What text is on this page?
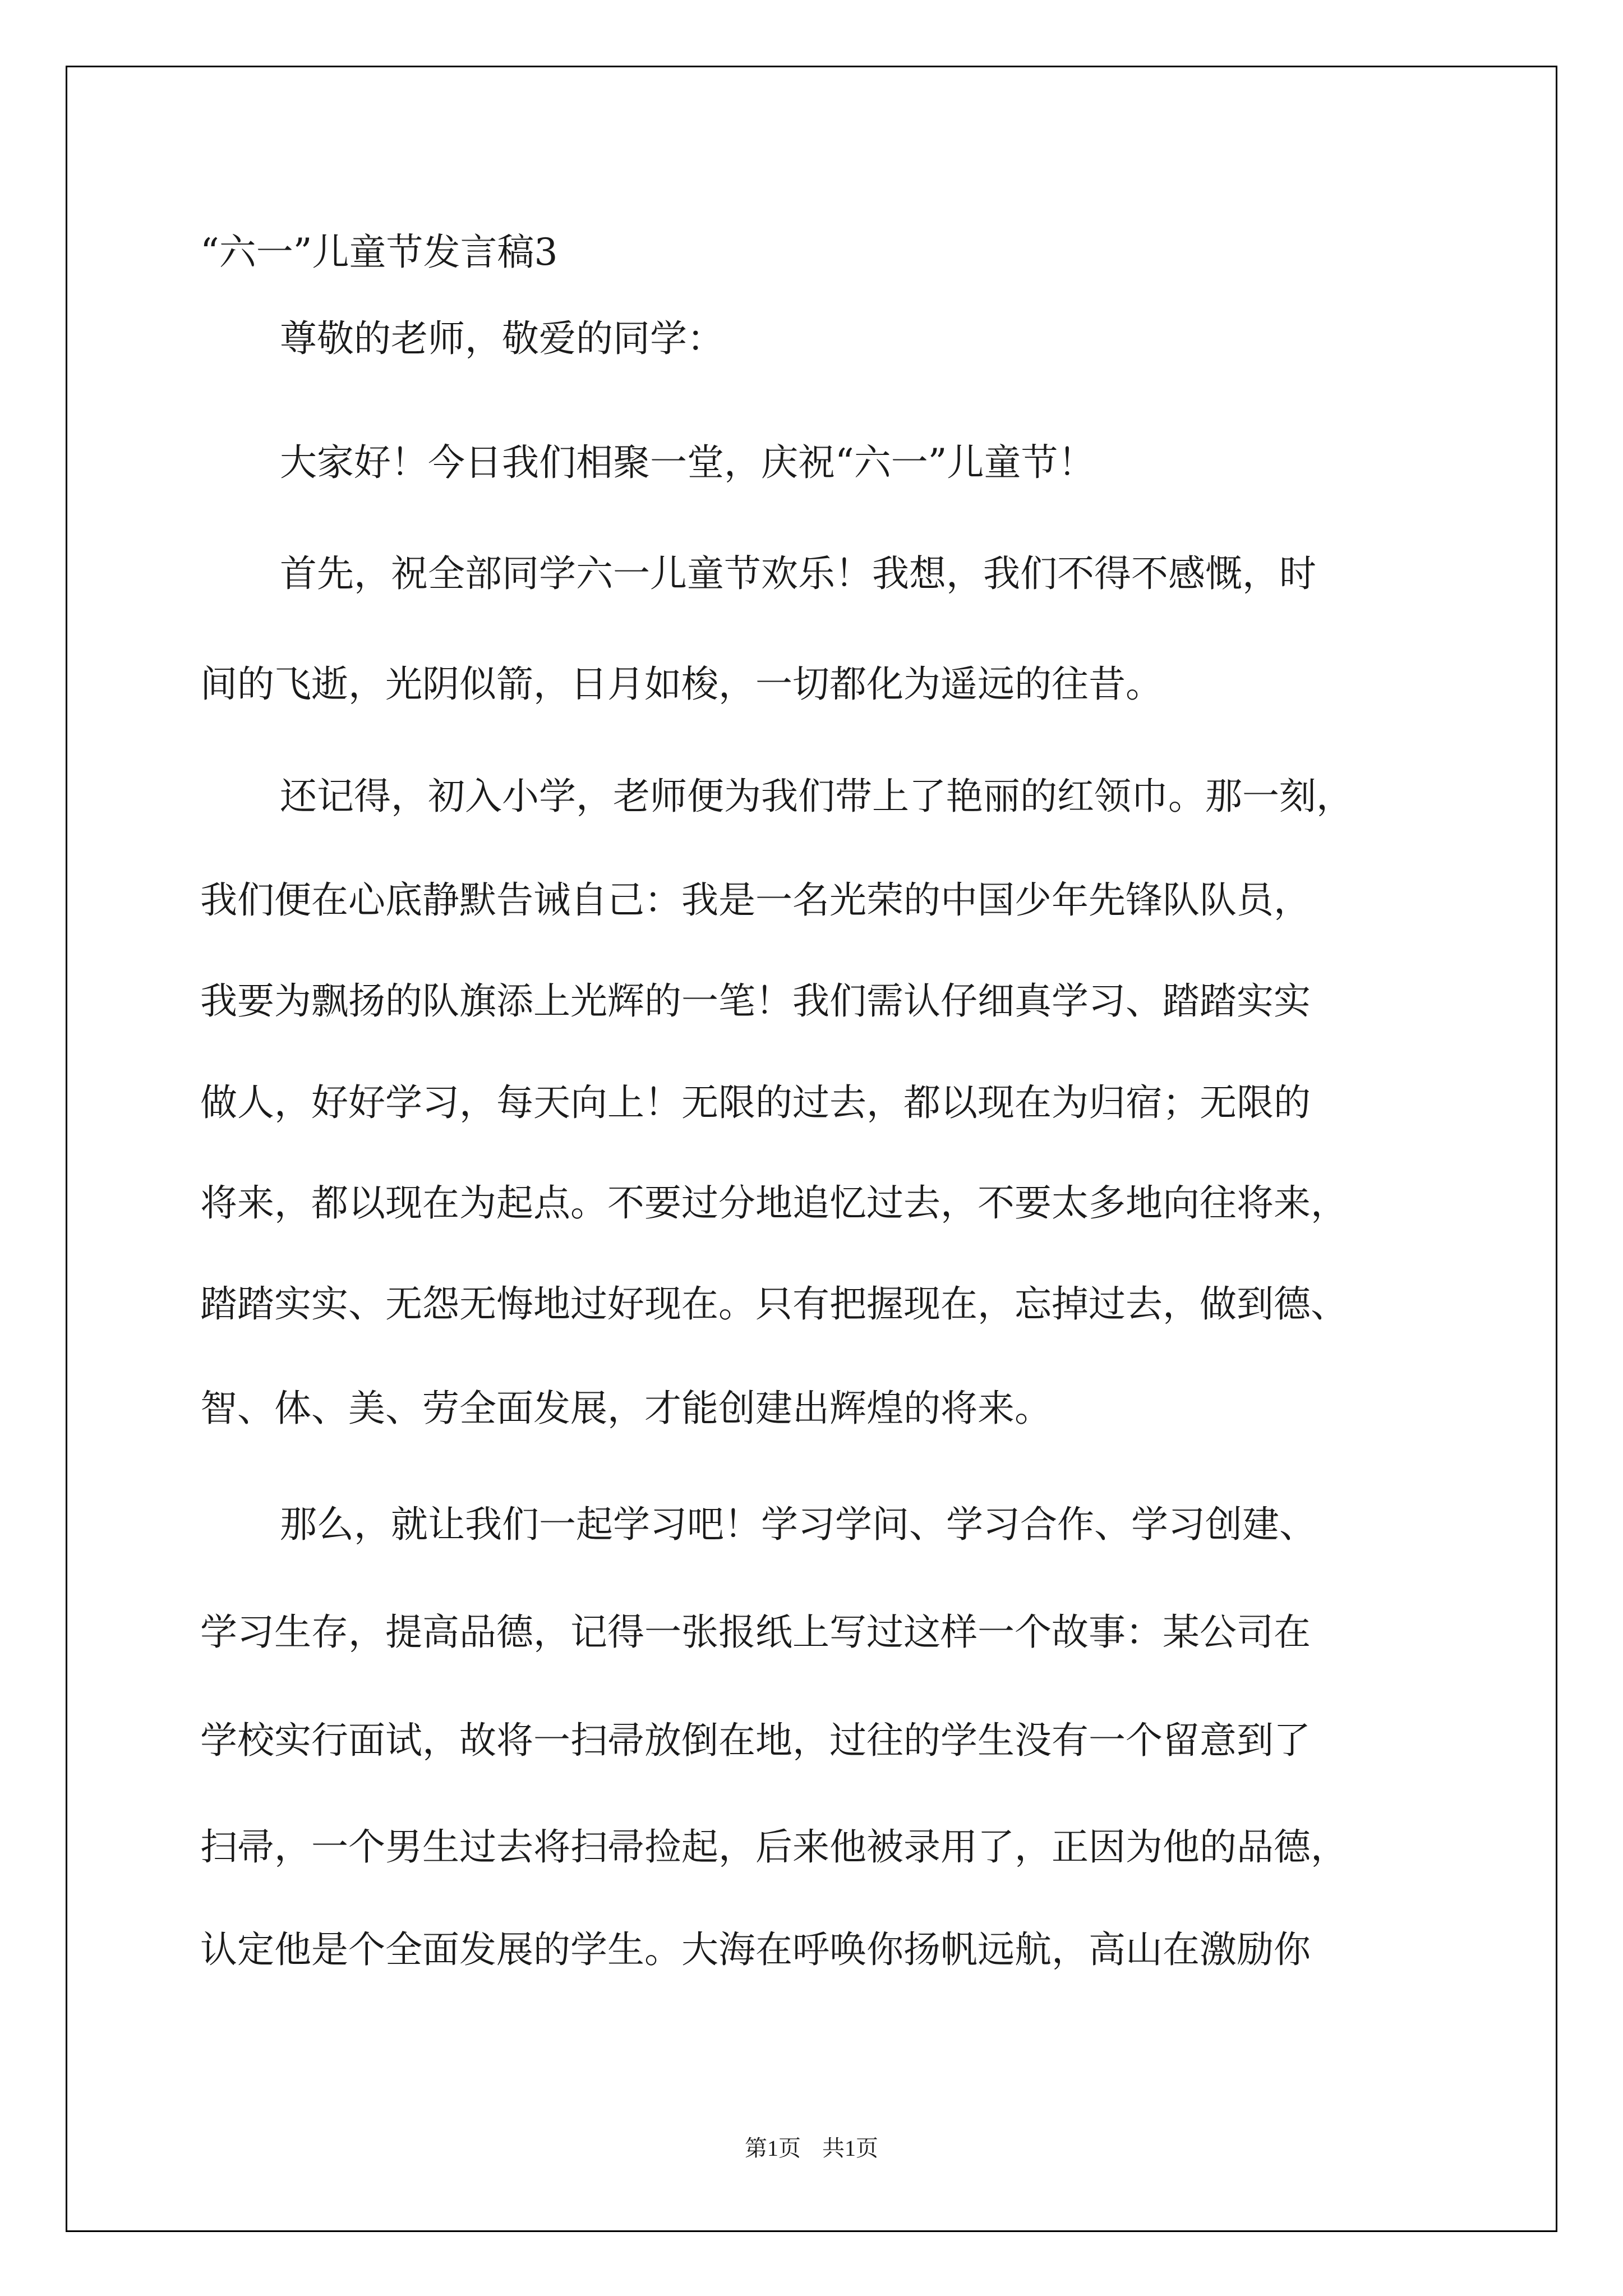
“六一”儿童节发言稿3
尊敬的老师，敬爱的同学：
大家好！今日我们相聚一堂，庆祝“六一”儿童节！
首先，祝全部同学六一儿童节欢乐！我想，我们不得不感慨，时
间的飞逝，光阴似箭，日月如梭，一切都化为遥远的往昔。
还记得，初入小学，老师便为我们带上了艳丽的红领巾。那一刻，
我们便在心底静默告诫自己：我是一名光荣的中国少年先锋队队员，
我要为飘扬的队旗添上光辉的一笔！我们需认仔细真学习、踏踏实实
做人，好好学习，每天向上！无限的过去，都以现在为归宿；无限的
将来，都以现在为起点。不要过分地追忆过去，不要太多地向往将来，
踏踏实实、无怨无悔地过好现在。只有把握现在，忘掉过去，做到德、
智、体、美、劳全面发展，才能创建出辉煌的将来。
那么，就让我们一起学习吧！学习学问、学习合作、学习创建、
学习生存，提高品德，记得一张报纸上写过这样一个故事：某公司在
学校实行面试，故将一扫帚放倒在地，过往的学生没有一个留意到了
扫帚，一个男生过去将扫帚捡起，后来他被录用了，正因为他的品德，
认定他是个全面发展的学生。大海在呼唤你扬帆远航，高山在激励你
第1页 共1页
